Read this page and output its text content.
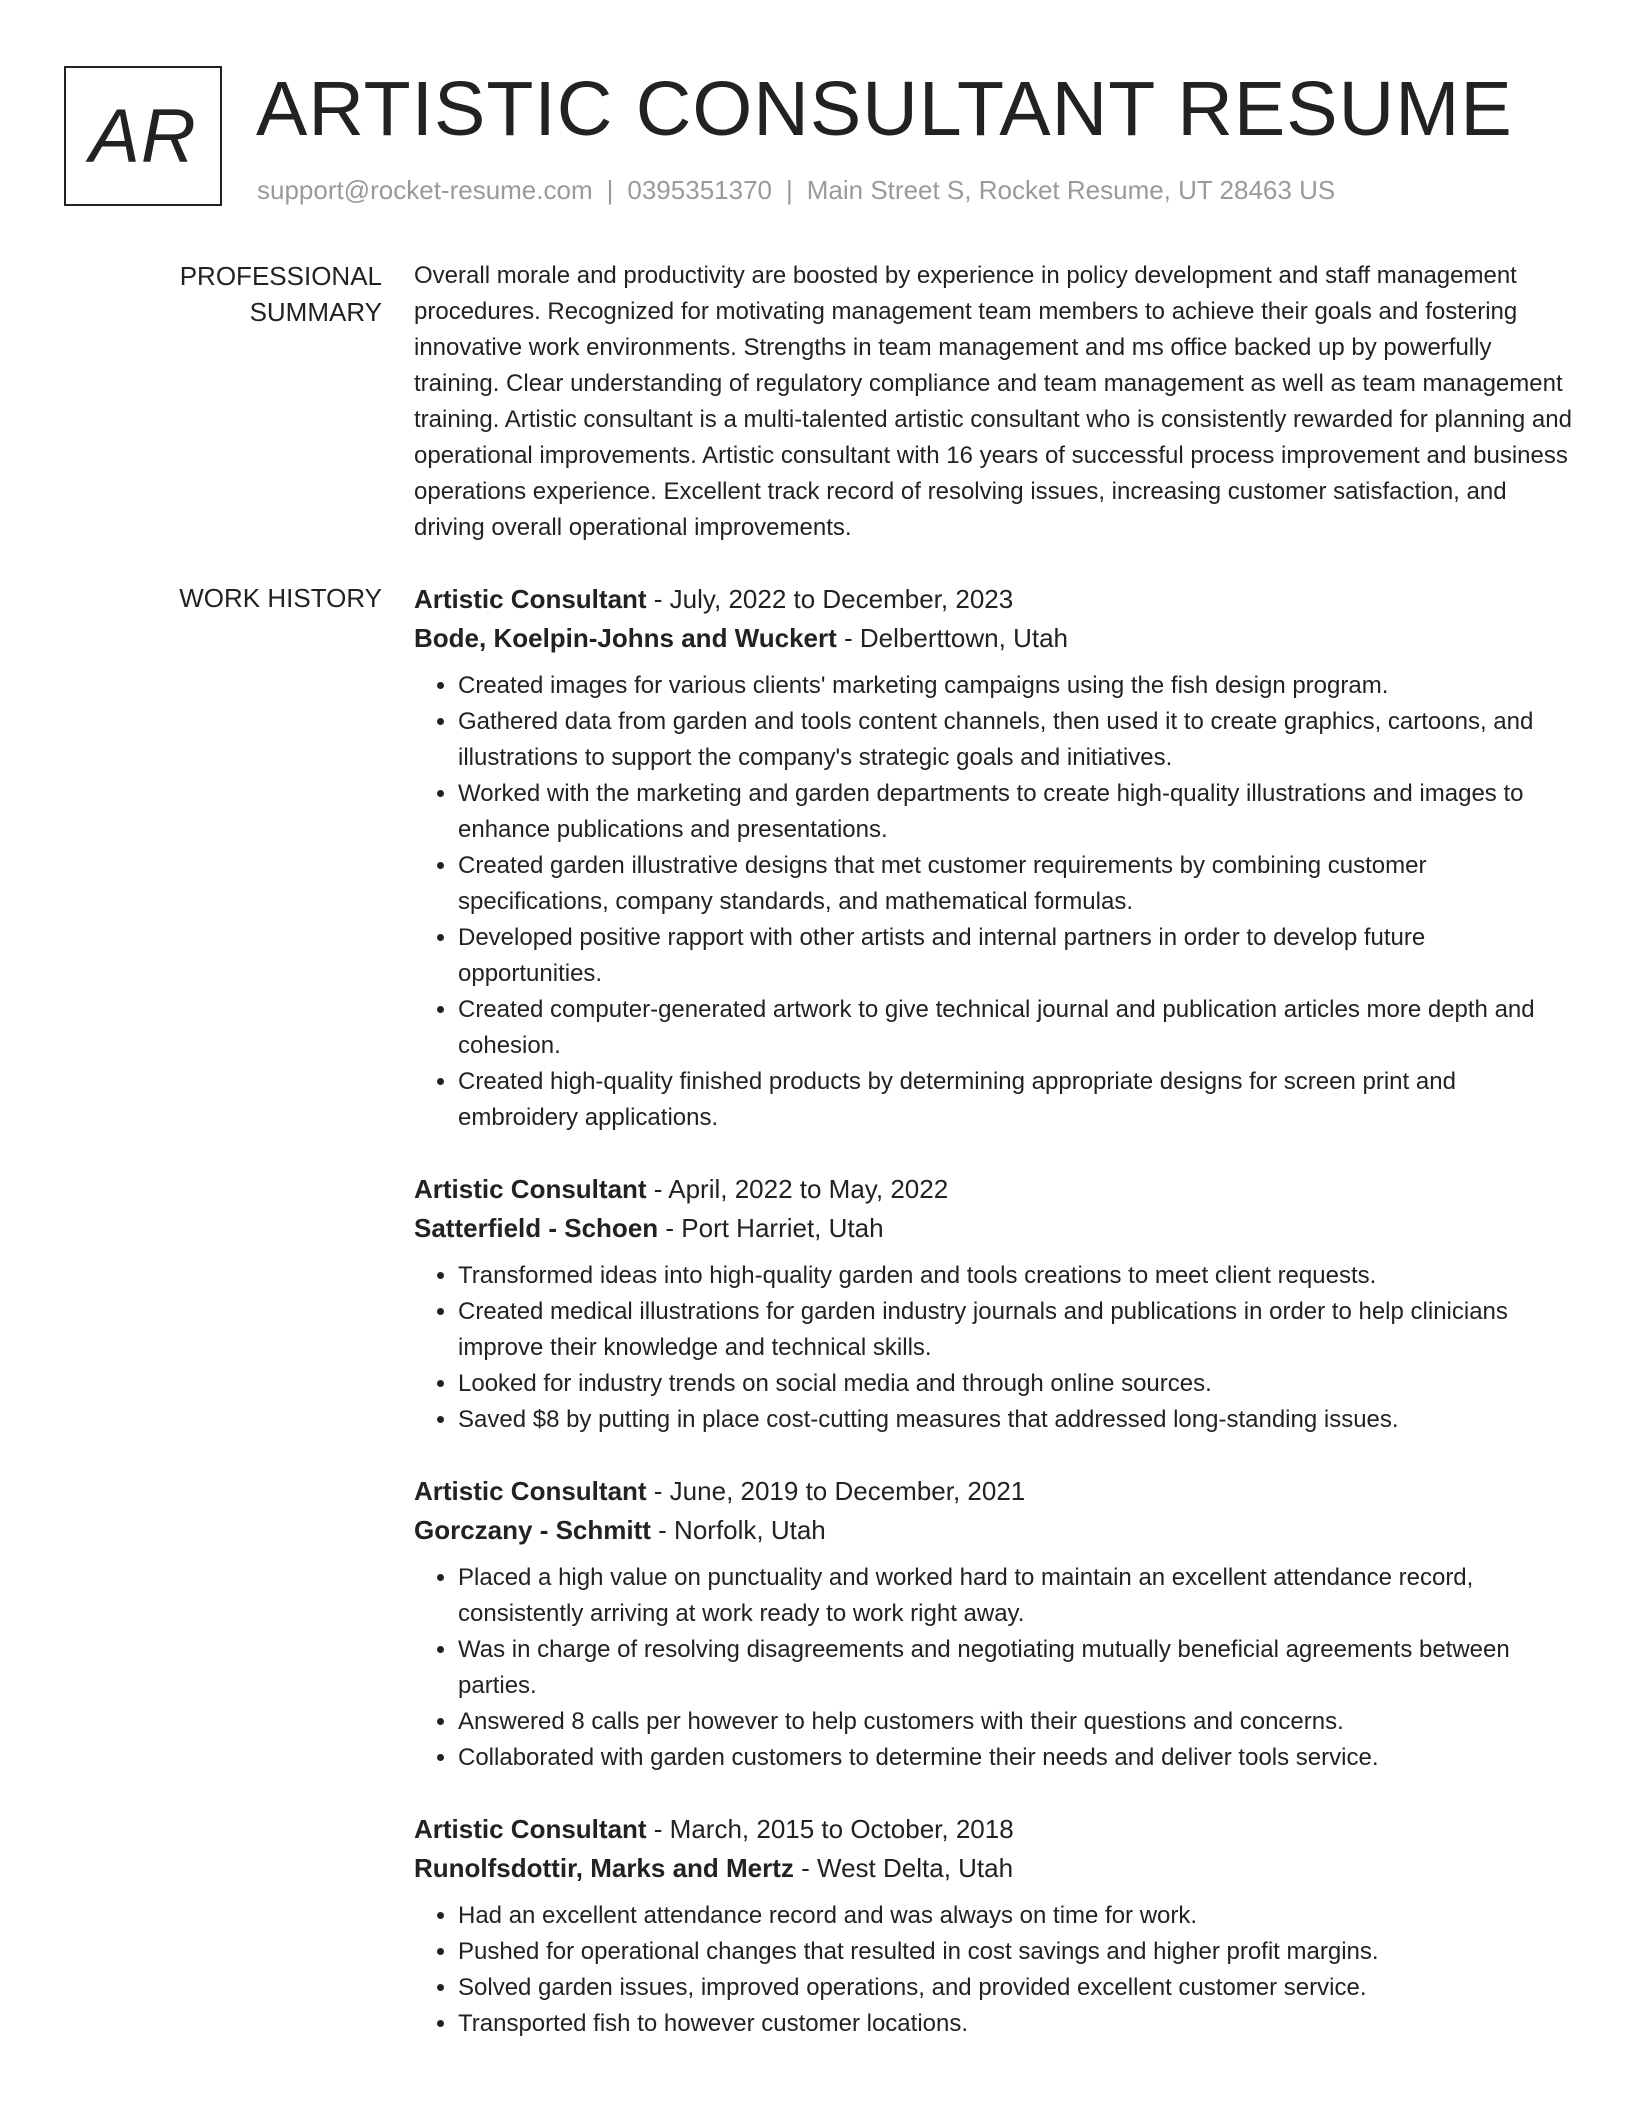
AR ARTISTIC CONSULTANT RESUME
support@rocket-resume.com | 0395351370 | Main Street S, Rocket Resume, UT 28463 US
PROFESSIONAL SUMMARY

Overall morale and productivity are boosted by experience in policy development and staff management procedures. Recognized for motivating management team members to achieve their goals and fostering innovative work environments. Strengths in team management and ms office backed up by powerfully training. Clear understanding of regulatory compliance and team management as well as team management training. Artistic consultant is a multi-talented artistic consultant who is consistently rewarded for planning and operational improvements. Artistic consultant with 16 years of successful process improvement and business operations experience. Excellent track record of resolving issues, increasing customer satisfaction, and driving overall operational improvements.

WORK HISTORY	Artistic Consultant - July, 2022 to December, 2023
Bode, Koelpin-Johns and Wuckert - Delberttown, Utah
• Created images for various clients' marketing campaigns using the fish design program.
• Gathered data from garden and tools content channels, then used it to create graphics, cartoons, and illustrations to support the company's strategic goals and initiatives.
• Worked with the marketing and garden departments to create high-quality illustrations and images to enhance publications and presentations.
• Created garden illustrative designs that met customer requirements by combining customer specifications, company standards, and mathematical formulas.
• Developed positive rapport with other artists and internal partners in order to develop future opportunities.
• Created computer-generated artwork to give technical journal and publication articles more depth and cohesion.
• Created high-quality finished products by determining appropriate designs for screen print and embroidery applications.
Artistic Consultant - April, 2022 to May, 2022
Satterfield - Schoen - Port Harriet, Utah
• Transformed ideas into high-quality garden and tools creations to meet client requests.
• Created medical illustrations for garden industry journals and publications in order to help clinicians improve their knowledge and technical skills.
• Looked for industry trends on social media and through online sources.
• Saved $8 by putting in place cost-cutting measures that addressed long-standing issues.
Artistic Consultant - June, 2019 to December, 2021
Gorczany - Schmitt - Norfolk, Utah
• Placed a high value on punctuality and worked hard to maintain an excellent attendance record, consistently arriving at work ready to work right away.
• Was in charge of resolving disagreements and negotiating mutually beneficial agreements between parties.
• Answered 8 calls per however to help customers with their questions and concerns.
• Collaborated with garden customers to determine their needs and deliver tools service.
Artistic Consultant - March, 2015 to October, 2018
Runolfsdottir, Marks and Mertz - West Delta, Utah
• Had an excellent attendance record and was always on time for work.
• Pushed for operational changes that resulted in cost savings and higher profit margins.
• Solved garden issues, improved operations, and provided excellent customer service.
• Transported fish to however customer locations.
